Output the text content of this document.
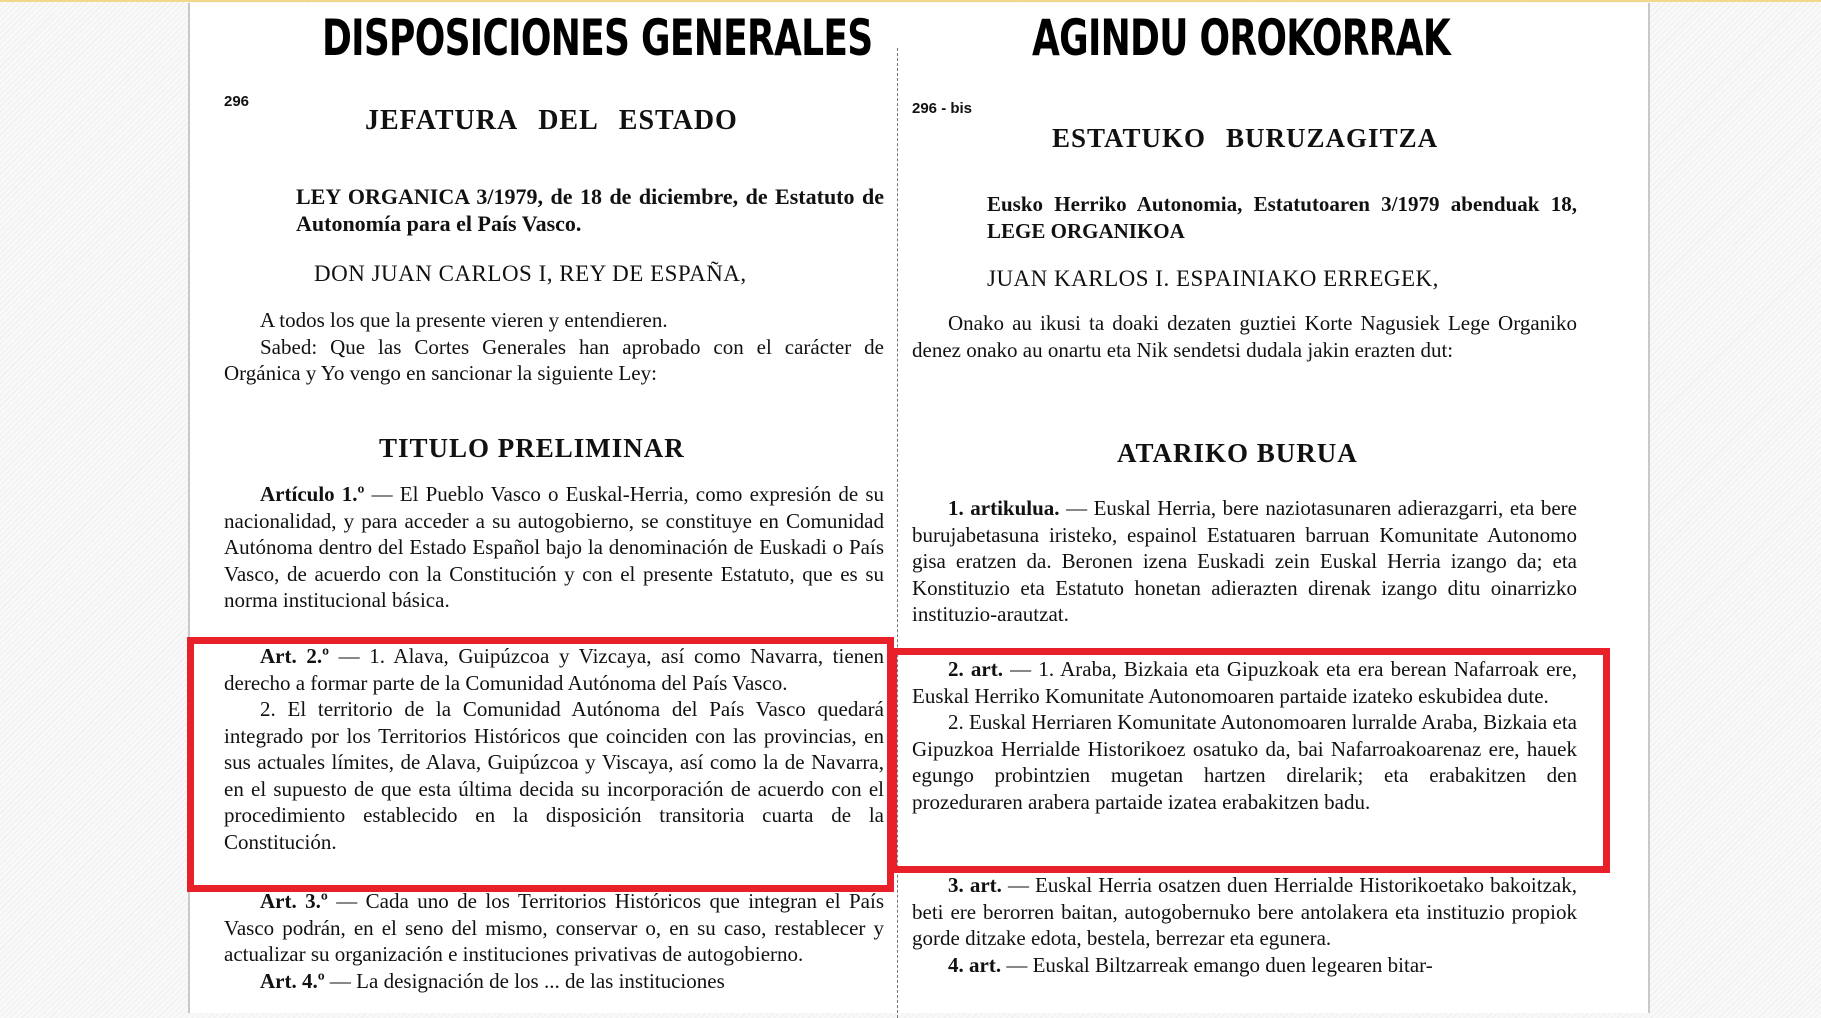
DISPOSICIONES GENERALES
296
JEFATURA DEL ESTADO
LEY ORGANICA 3/1979, de 18 de diciembre, de Estatuto de Autonomía para el País Vasco.
DON JUAN CARLOS I, REY DE ESPAÑA,

A todos los que la presente vieren y entendieren.

Sabed: Que las Cortes Generales han aprobado con el carácter de Orgánica y Yo vengo en sancionar la siguiente Ley:

TITULO PRELIMINAR

Artículo 1.º — El Pueblo Vasco o Euskal-Herria, como expresión de su nacionalidad, y para acceder a su autogobierno, se constituye en Comunidad Autónoma dentro del Estado Español bajo la denominación de Euskadi o País Vasco, de acuerdo con la Constitución y con el presente Estatuto, que es su norma institucional básica.

Art. 2.º — 1. Alava, Guipúzcoa y Vizcaya, así como Navarra, tienen derecho a formar parte de la Comunidad Autónoma del País Vasco.

2. El territorio de la Comunidad Autónoma del País Vasco quedará integrado por los Territorios Históricos que coinciden con las provincias, en sus actuales límites, de Alava, Guipúzcoa y Viscaya, así como la de Navarra, en el supuesto de que esta última decida su incorporación de acuerdo con el procedimiento establecido en la disposición transitoria cuarta de la Constitución.

Art. 3.º — Cada uno de los Territorios Históricos que integran el País Vasco podrán, en el seno del mismo, conservar o, en su caso, restablecer y actualizar su organización e instituciones privativas de autogobierno.

Art. 4.º — La designación de los ... de las instituciones

AGINDU OROKORRAK
296 - bis
ESTATUKO BURUZAGITZA
Eusko Herriko Autonomia, Estatutoaren 3/1979 abenduak 18, LEGE ORGANIKOA
JUAN KARLOS I. ESPAINIAKO ERREGEK,

Onako au ikusi ta doaki dezaten guztiei Korte Nagusiek Lege Organiko denez onako au onartu eta Nik sendetsi dudala jakin erazten dut:

ATARIKO BURUA

1. artikulua. — Euskal Herria, bere naziotasunaren adierazgarri, eta bere burujabetasuna iristeko, espainol Estatuaren barruan Komunitate Autonomo gisa eratzen da. Beronen izena Euskadi zein Euskal Herria izango da; eta Konstituzio eta Estatuto honetan adierazten direnak izango ditu oinarrizko instituzio-arautzat.

2. art. — 1. Araba, Bizkaia eta Gipuzkoak eta era berean Nafarroak ere, Euskal Herriko Komunitate Autonomoaren partaide izateko eskubidea dute.

2. Euskal Herriaren Komunitate Autonomoaren lurralde Araba, Bizkaia eta Gipuzkoa Herrialde Historikoez osatuko da, bai Nafarroakoarenaz ere, hauek egungo probintzien mugetan hartzen direlarik; eta erabakitzen den prozeduraren arabera partaide izatea erabakitzen badu.

3. art. — Euskal Herria osatzen duen Herrialde Historikoetako bakoitzak, beti ere berorren baitan, autogobernuko bere antolakera eta instituzio propiok gorde ditzake edota, bestela, berrezar eta egunera.

4. art. — Euskal Biltzarreak emango duen legearen bitar-
